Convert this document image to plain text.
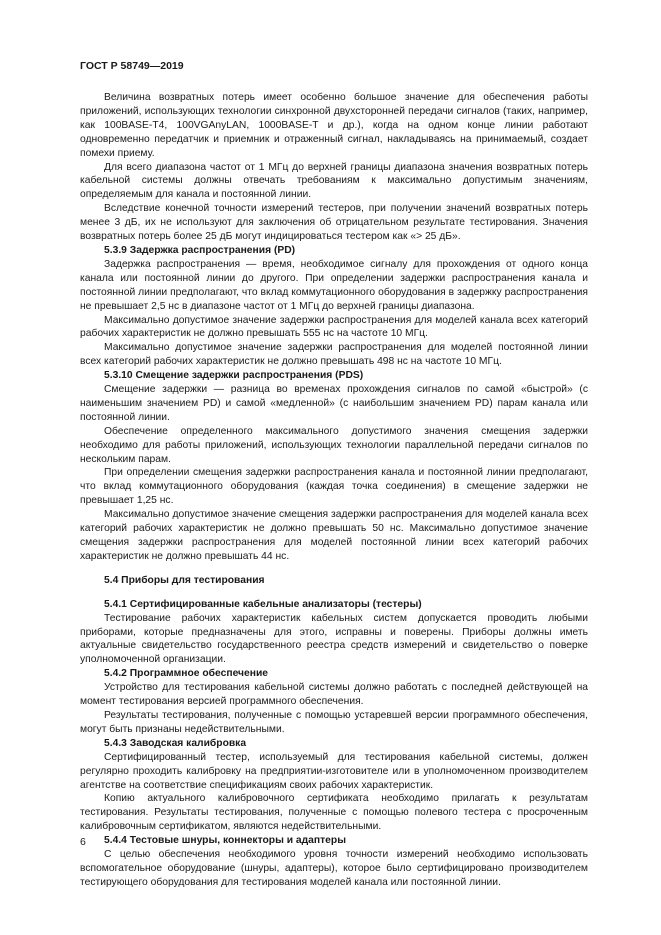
ГОСТ Р 58749—2019

Величина возвратных потерь имеет особенно большое значение для обеспечения работы приложений, использующих технологии синхронной двухсторонней передачи сигналов (таких, например, как 100BASE-T4, 100VGAnyLAN, 1000BASE-T и др.), когда на одном конце линии работают одновременно передатчик и приемник и отраженный сигнал, накладываясь на принимаемый, создает помехи приему.

Для всего диапазона частот от 1 МГц до верхней границы диапазона значения возвратных потерь кабельной системы должны отвечать требованиям к максимально допустимым значениям, определяемым для канала и постоянной линии.

Вследствие конечной точности измерений тестеров, при получении значений возвратных потерь менее 3 дБ, их не используют для заключения об отрицательном результате тестирования. Значения возвратных потерь более 25 дБ могут индицироваться тестером как «> 25 дБ».

5.3.9 Задержка распространения (PD)

Задержка распространения — время, необходимое сигналу для прохождения от одного конца канала или постоянной линии до другого. При определении задержки распространения канала и постоянной линии предполагают, что вклад коммутационного оборудования в задержку распространения не превышает 2,5 нс в диапазоне частот от 1 МГц до верхней границы диапазона.

Максимально допустимое значение задержки распространения для моделей канала всех категорий рабочих характеристик не должно превышать 555 нс на частоте 10 МГц.

Максимально допустимое значение задержки распространения для моделей постоянной линии всех категорий рабочих характеристик не должно превышать 498 нс на частоте 10 МГц.

5.3.10 Смещение задержки распространения (PDS)

Смещение задержки — разница во временах прохождения сигналов по самой «быстрой» (с наименьшим значением PD) и самой «медленной» (с наибольшим значением PD) парам канала или постоянной линии.

Обеспечение определенного максимального допустимого значения смещения задержки необходимо для работы приложений, использующих технологии параллельной передачи сигналов по нескольким парам.

При определении смещения задержки распространения канала и постоянной линии предполагают, что вклад коммутационного оборудования (каждая точка соединения) в смещение задержки не превышает 1,25 нс.

Максимально допустимое значение смещения задержки распространения для моделей канала всех категорий рабочих характеристик не должно превышать 50 нс. Максимально допустимое значение смещения задержки распространения для моделей постоянной линии всех категорий рабочих характеристик не должно превышать 44 нс.

5.4 Приборы для тестирования

5.4.1 Сертифицированные кабельные анализаторы (тестеры)

Тестирование рабочих характеристик кабельных систем допускается проводить любыми приборами, которые предназначены для этого, исправны и поверены. Приборы должны иметь актуальные свидетельство государственного реестра средств измерений и свидетельство о поверке уполномоченной организации.

5.4.2 Программное обеспечение

Устройство для тестирования кабельной системы должно работать с последней действующей на момент тестирования версией программного обеспечения.

Результаты тестирования, полученные с помощью устаревшей версии программного обеспечения, могут быть признаны недействительными.

5.4.3 Заводская калибровка

Сертифицированный тестер, используемый для тестирования кабельной системы, должен регулярно проходить калибровку на предприятии-изготовителе или в уполномоченном производителем агентстве на соответствие спецификациям своих рабочих характеристик.

Копию актуального калибровочного сертификата необходимо прилагать к результатам тестирования. Результаты тестирования, полученные с помощью полевого тестера с просроченным калибровочным сертификатом, являются недействительными.

5.4.4 Тестовые шнуры, коннекторы и адаптеры

С целью обеспечения необходимого уровня точности измерений необходимо использовать вспомогательное оборудование (шнуры, адаптеры), которое было сертифицировано производителем тестирующего оборудования для тестирования моделей канала или постоянной линии.

6
